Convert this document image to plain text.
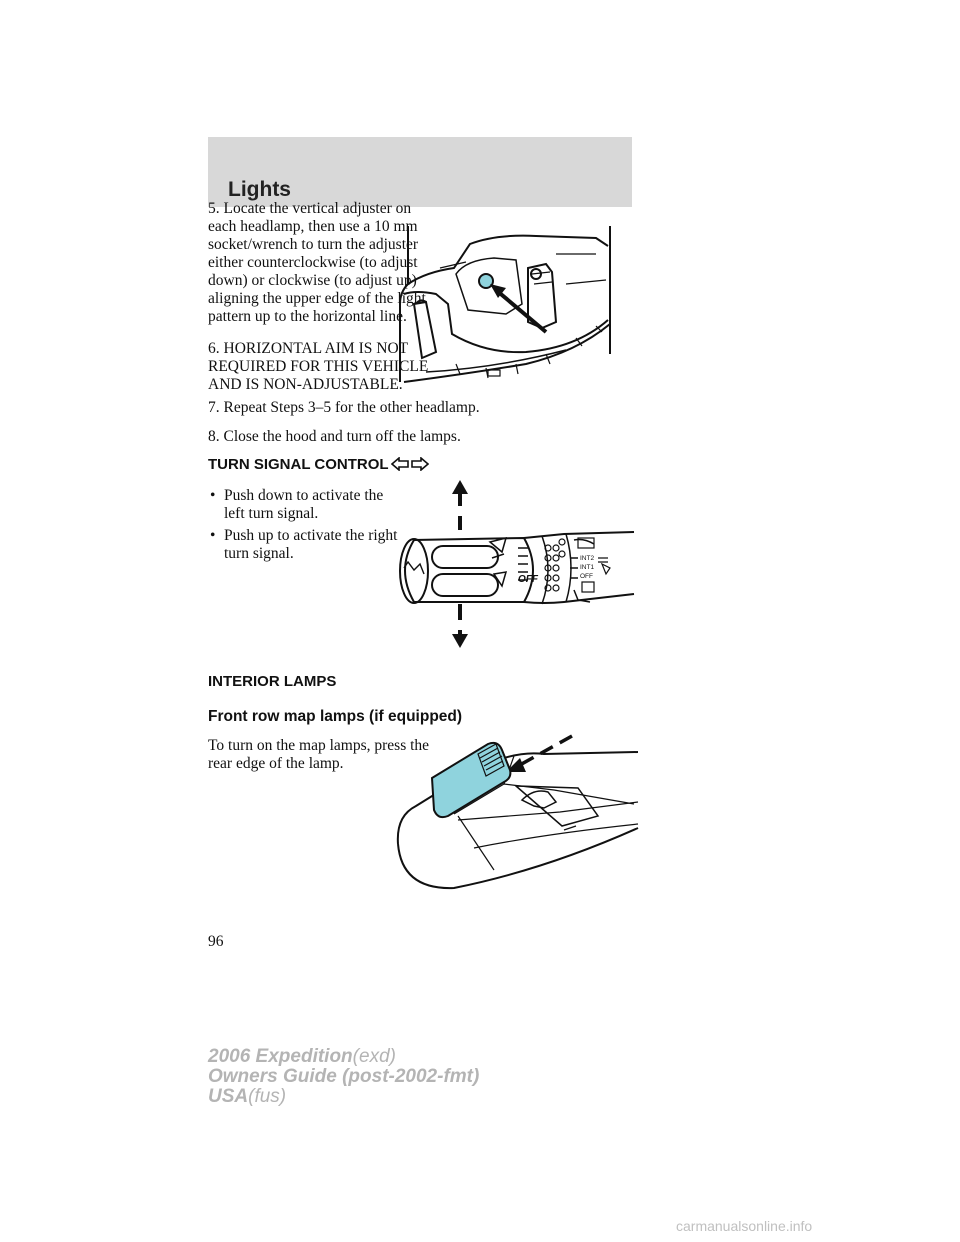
Lights
5. Locate the vertical adjuster on
each headlamp, then use a 10 mm
socket/wrench to turn the adjuster
either counterclockwise (to adjust
down) or clockwise (to adjust up)
aligning the upper edge of the light
pattern up to the horizontal line.
6. HORIZONTAL AIM IS NOT
REQUIRED FOR THIS VEHICLE
AND IS NON-ADJUSTABLE.
7. Repeat Steps 3–5 for the other headlamp.
8. Close the hood and turn off the lamps.
TURN SIGNAL CONTROL
• Push down to activate the left turn signal.
• Push up to activate the right turn signal.
OFF
INT2
INT1
OFF
INTERIOR LAMPS
Front row map lamps (if equipped)
To turn on the map lamps, press the
rear edge of the lamp.
96
2006 Expedition(exd)
Owners Guide (post-2002-fmt)
USA(fus)
carmanualsonline.info
